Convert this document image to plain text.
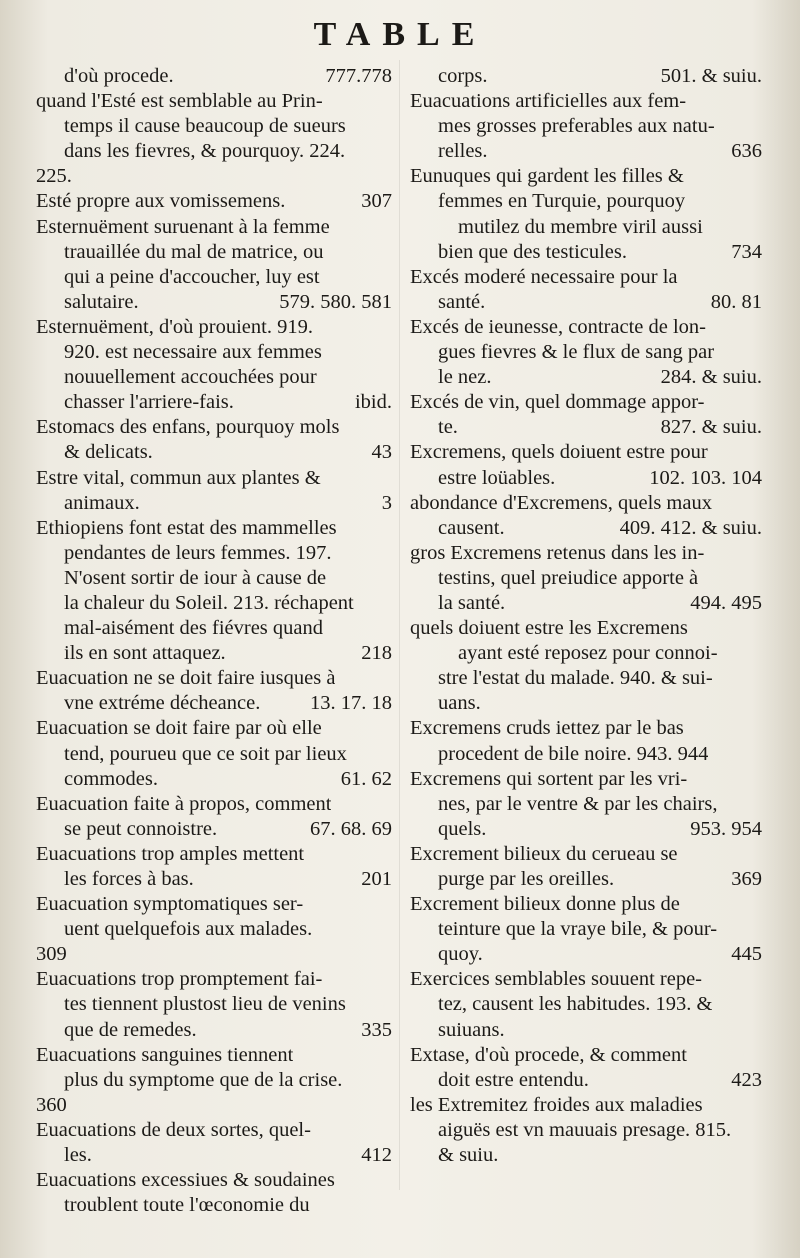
TABLE
d'où procede.	777.778
quand l'Esté est semblable au Prin-
temps il cause beaucoup de sueurs
dans les fievres, & pourquoy. 224.
225.
Esté propre aux vomissemens.	307
Esternuëment suruenant à la femme
trauaillée du mal de matrice, ou
qui a peine d'accoucher, luy est
salutaire.	579. 580. 581
Esternuëment, d'où prouient. 919.
920. est necessaire aux femmes
nouuellement accouchées pour
chasser l'arriere-fais.	ibid.
Estomacs des enfans, pourquoy mols
& delicats.	43
Estre vital, commun aux plantes &
animaux.	3
Ethiopiens font estat des mammelles
pendantes de leurs femmes. 197.
N'osent sortir de iour à cause de
la chaleur du Soleil. 213. réchapent
mal-aisément des fiévres quand
ils en sont attaquez.	218
Euacuation ne se doit faire iusques à
vne extréme décheance. 13. 17. 18
Euacuation se doit faire par où elle
tend, pourueu que ce soit par lieux
commodes.	61. 62
Euacuation faite à propos, comment
se peut connoistre.	67. 68. 69
Euacuations trop amples mettent
les forces à bas.	201
Euacuation symptomatiques ser-
uent quelquefois aux malades.
309
Euacuations trop promptement fai-
tes tiennent plustost lieu de venins
que de remedes.	335
Euacuations sanguines tiennent
plus du symptome que de la crise.
360
Euacuations de deux sortes, quel-
les.	412
Euacuations excessiues & soudaines
troublent toute l'œconomie du
corps.	501. & suiu.
Euacuations artificielles aux fem-
mes grosses preferables aux natu-
relles.	636
Eunuques qui gardent les filles &
femmes en Turquie, pourquoy
mutilez du membre viril aussi
bien que des testicules.	734
Excés moderé necessaire pour la
santé.	80. 81
Excés de ieunesse, contracte de lon-
gues fievres & le flux de sang par
le nez.	284. & suiu.
Excés de vin, quel dommage appor-
te.	827. & suiu.
Excremens, quels doiuent estre pour
estre loüables.	102. 103. 104
abondance d'Excremens, quels maux
causent.	409. 412. & suiu.
gros Excremens retenus dans les in-
testins, quel preiudice apporte à
la santé.	494. 495
quels doiuent estre les Excremens
ayant esté reposez pour connoi-
stre l'estat du malade. 940. & sui-
uans.
Excremens cruds iettez par le bas
procedent de bile noire. 943. 944
Excremens qui sortent par les vri-
nes, par le ventre & par les chairs,
quels.	953. 954
Excrement bilieux du cerueau se
purge par les oreilles.	369
Excrement bilieux donne plus de
teinture que la vraye bile, & pour-
quoy.	445
Exercices semblables souuent repe-
tez, causent les habitudes. 193. &
suiuans.
Extase, d'où procede, & comment
doit estre entendu.	423
les Extremitez froides aux maladies
aiguës est vn mauuais presage. 815.
& suiu.
